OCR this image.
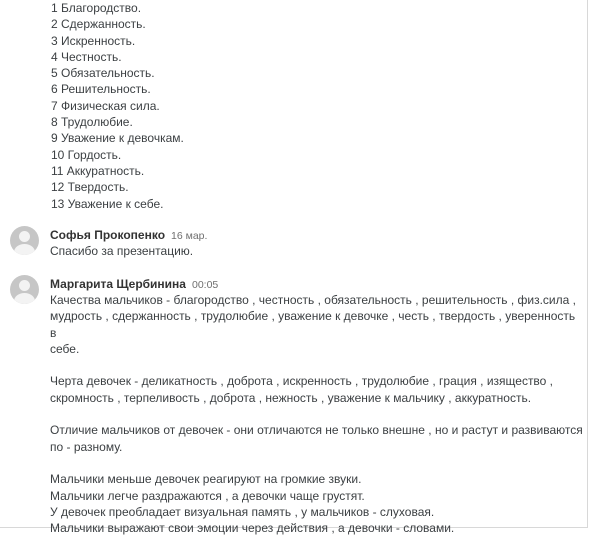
1 Благородство.
2 Сдержанность.
3 Искренность.
4 Честность.
5 Обязательность.
6 Решительность.
7 Физическая сила.
8 Трудолюбие.
9 Уважение к девочкам.
10 Гордость.
11 Аккуратность.
12 Твердость.
13 Уважение к себе.
Софья Прокопенко 16 мар.

Спасибо за презентацию.

Маргарита Щербинина 00:05

Качества мальчиков - благородство , честность , обязательность , решительность , физ.сила ,
мудрость , сдержанность , трудолюбие , уважение к девочке , честь , твердость , уверенность в
себе.

Черта девочек - деликатность , доброта , искренность , трудолюбие , грация , изящество ,
скромность , терпеливость , доброта , нежность , уважение к мальчику , аккуратность.

Отличие мальчиков от девочек - они отличаются не только внешне , но и растут и развиваются
по - разному.

Мальчики меньше девочек реагируют на громкие звуки.
Мальчики легче раздражаются , а девочки чаще грустят.
У девочек преобладает визуальная память , у мальчиков - слуховая.
Мальчики выражают свои эмоции через действия , а девочки - словами.
